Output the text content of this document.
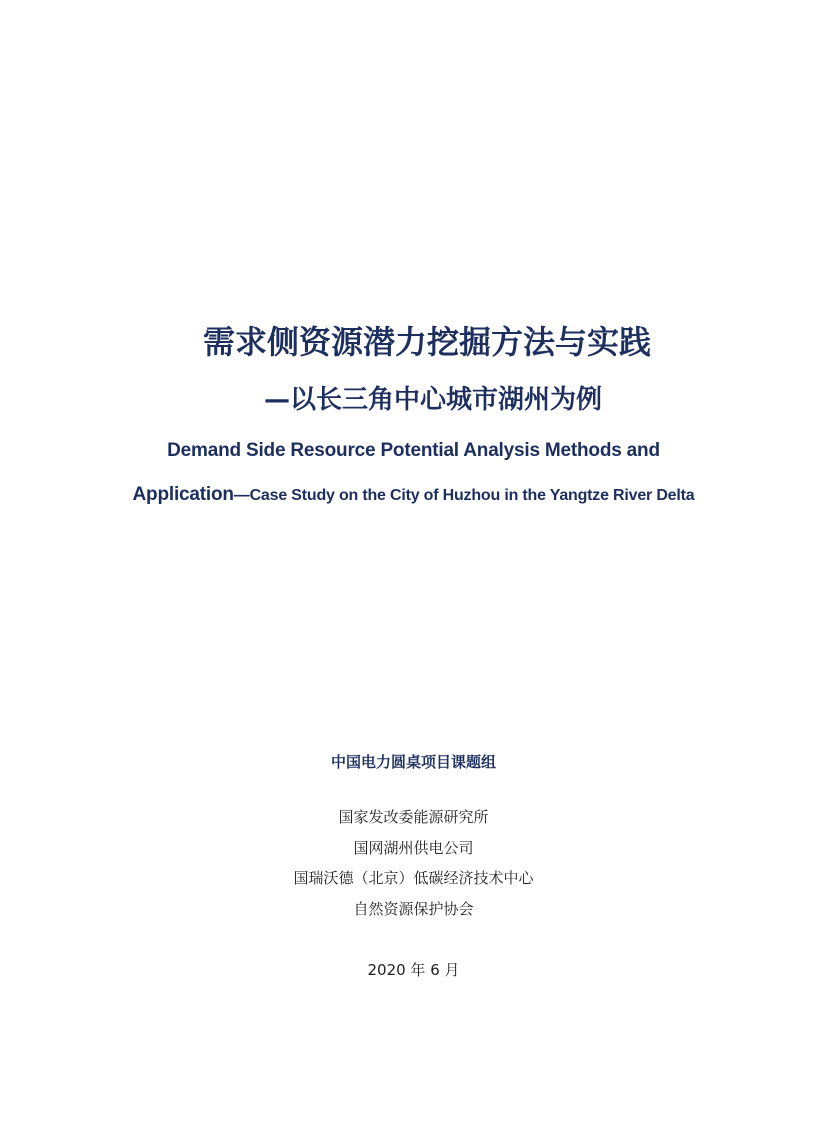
需求侧资源潜力挖掘方法与实践
—以长三角中心城市湖州为例
Demand Side Resource Potential Analysis Methods and
Application—Case Study on the City of Huzhou in the Yangtze River Delta
中国电力圆桌项目课题组
国家发改委能源研究所
国网湖州供电公司
国瑞沃德（北京）低碳经济技术中心
自然资源保护协会
2020 年 6 月
